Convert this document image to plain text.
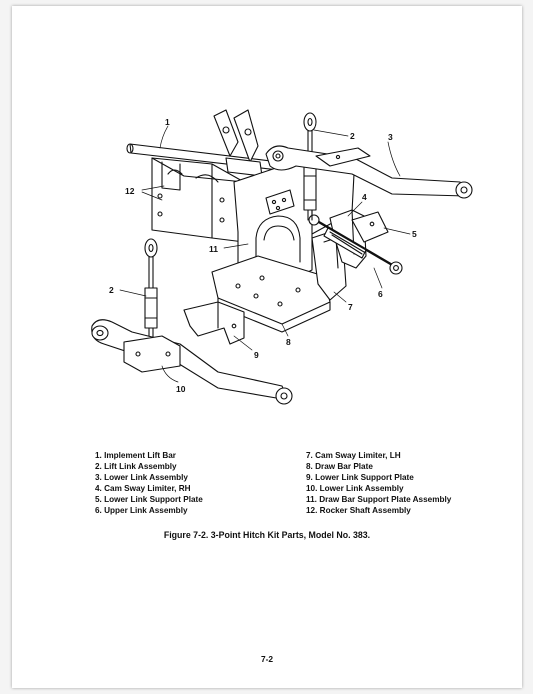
1
2	3
4
5
6
7
8
9
10
11
12
2
1. Implement Lift Bar
2. Lift Link Assembly
3. Lower Link Assembly
4. Cam Sway Limiter, RH
5. Lower Link Support Plate
6. Upper Link Assembly
7. Cam Sway Limiter, LH
8. Draw Bar Plate
9. Lower Link Support Plate
10. Lower Link Assembly
11. Draw Bar Support Plate Assembly
12. Rocker Shaft Assembly
Figure 7-2. 3-Point Hitch Kit Parts, Model No. 383.
7-2
